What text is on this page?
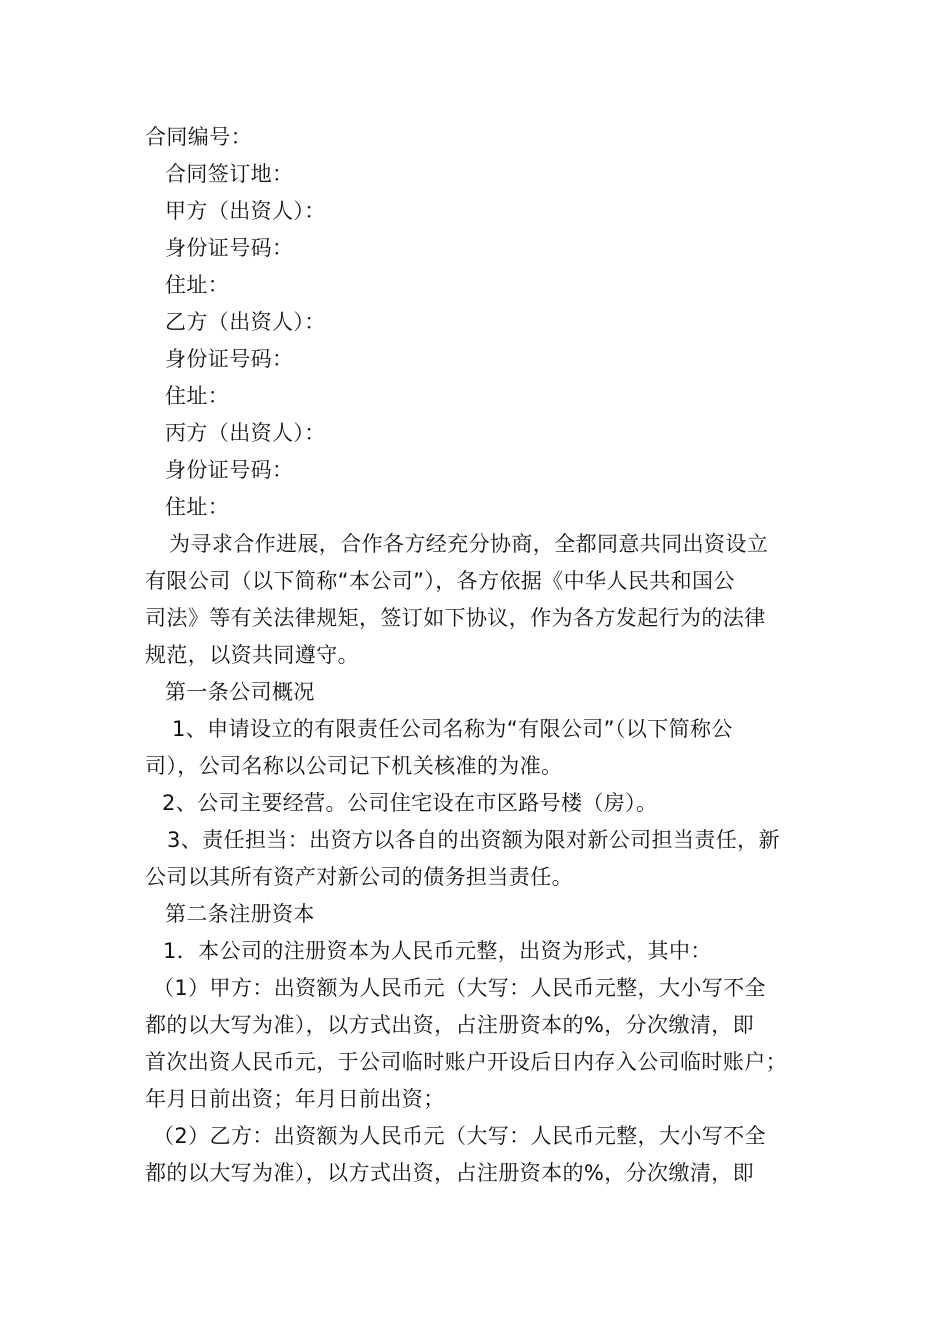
合同编号：

合同签订地：

甲方（出资人）：

身份证号码：

住址：

乙方（出资人）：

身份证号码：

住址：

丙方（出资人）：

身份证号码：

住址：

为寻求合作进展，合作各方经充分协商，全都同意共同出资设立

有限公司（以下简称“本公司”），各方依据《中华人民共和国公

司法》等有关法律规矩，签订如下协议，作为各方发起行为的法律

规范，以资共同遵守。

第一条公司概况

1、申请设立的有限责任公司名称为“有限公司”（以下简称公

司），公司名称以公司记下机关核准的为准。

2、公司主要经营。公司住宅设在市区路号楼（房）。

3、责任担当：出资方以各自的出资额为限对新公司担当责任，新

公司以其所有资产对新公司的债务担当责任。

第二条注册资本

1．本公司的注册资本为人民币元整，出资为形式，其中：

（1）甲方：出资额为人民币元（大写：人民币元整，大小写不全

都的以大写为准），以方式出资，占注册资本的%，分次缴清，即

首次出资人民币元，于公司临时账户开设后日内存入公司临时账户；

年月日前出资；年月日前出资；

（2）乙方：出资额为人民币元（大写：人民币元整，大小写不全

都的以大写为准），以方式出资，占注册资本的%，分次缴清，即
